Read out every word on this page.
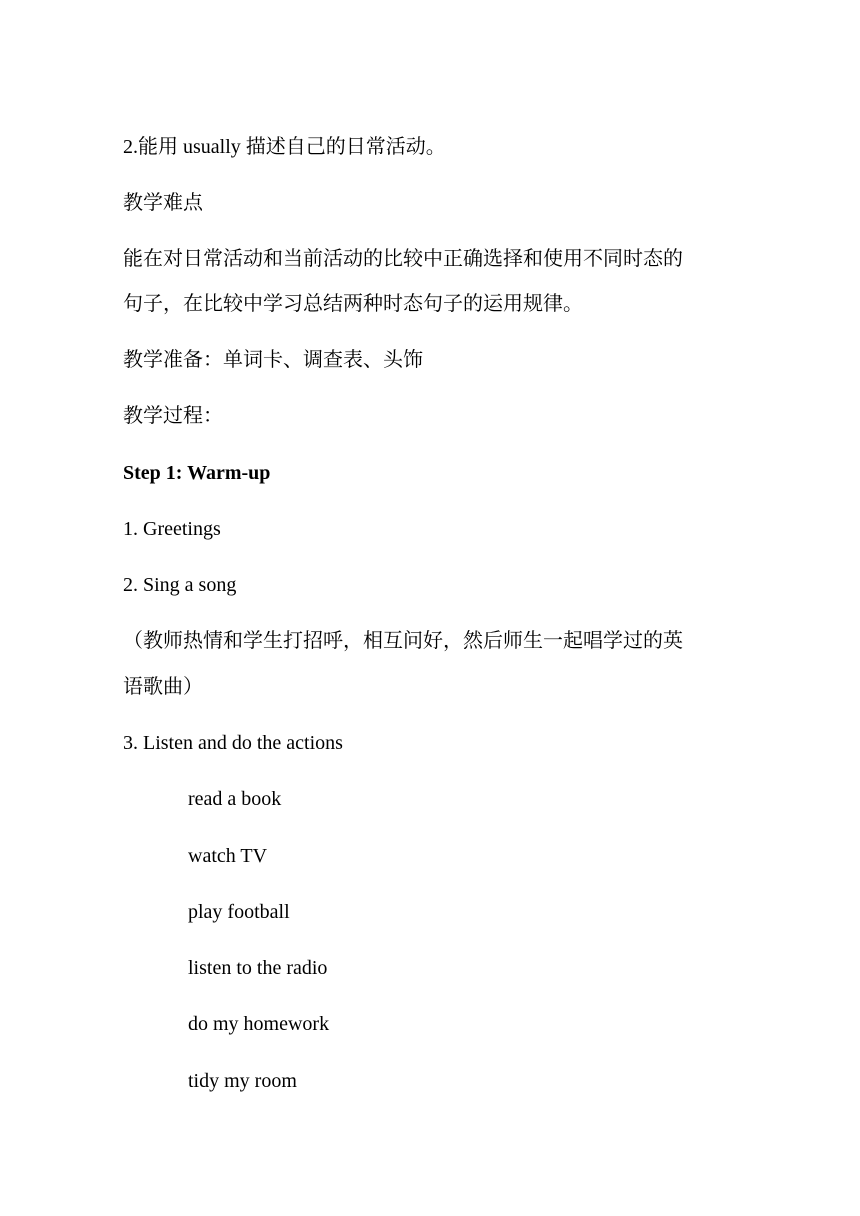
2.能用 usually 描述自己的日常活动。

教学难点

能在对日常活动和当前活动的比较中正确选择和使用不同时态的

句子，在比较中学习总结两种时态句子的运用规律。

教学准备：单词卡、调查表、头饰

教学过程：

Step 1: Warm-up

1. Greetings

2. Sing a song

（教师热情和学生打招呼，相互问好，然后师生一起唱学过的英

语歌曲）

3. Listen and do the actions

read a book

watch TV

play football

listen to the radio

do my homework

tidy my room
